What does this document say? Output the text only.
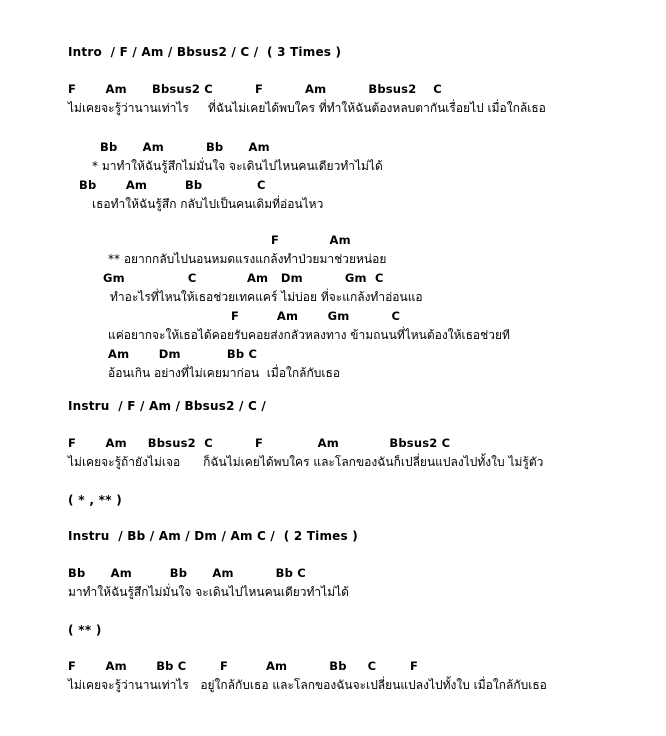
Intro  / F / Am / Bbsus2 / C /  ( 3 Times )
F       Am      Bbsus2 C          F          Am          Bbsus2    C
ไม่เคยจะรู้ว่านานเท่าไร     ที่ฉันไม่เคยได้พบใคร ที่ทำให้ฉันต้องหลบตากันเรื่อยไป เมื่อใกล้เธอ
Bb      Am          Bb      Am
* มาทำให้ฉันรู้สึกไม่มั่นใจ จะเดินไปไหนคนเดียวทำไม่ได้
Bb       Am         Bb             C
เธอทำให้ฉันรู้สึก กลับไปเป็นคนเดิมที่อ่อนไหว
F            Am
** อยากกลับไปนอนหมดแรงแกล้งทำป่วยมาช่วยหน่อย
Gm               C            Am   Dm          Gm  C
ทำอะไรที่ไหนให้เธอช่วยเทคแคร์ ไม่บ่อย ที่จะแกล้งทำอ่อนแอ
F         Am       Gm          C
แค่อยากจะให้เธอได้คอยรับคอยส่งกลัวหลงทาง ข้ามถนนที่ไหนต้องให้เธอช่วยที
Am       Dm           Bb C
อ้อนเกิน อย่างที่ไม่เคยมาก่อน  เมื่อใกล้กับเธอ
Instru  / F / Am / Bbsus2 / C /
F       Am     Bbsus2  C          F             Am            Bbsus2 C
ไม่เคยจะรู้ถ้ายังไม่เจอ      ก็ฉันไม่เคยได้พบใคร และโลกของฉันก็เปลี่ยนแปลงไปทั้งใบ ไม่รู้ตัว
( * , ** )
Instru  / Bb / Am / Dm / Am C /  ( 2 Times )
Bb      Am         Bb      Am          Bb C
มาทำให้ฉันรู้สึกไม่มั่นใจ จะเดินไปไหนคนเดียวทำไม่ได้
( ** )
F       Am       Bb C        F         Am          Bb     C        F
ไม่เคยจะรู้ว่านานเท่าไร   อยู่ใกล้กับเธอ และโลกของฉันจะเปลี่ยนแปลงไปทั้งใบ เมื่อใกล้กับเธอ
